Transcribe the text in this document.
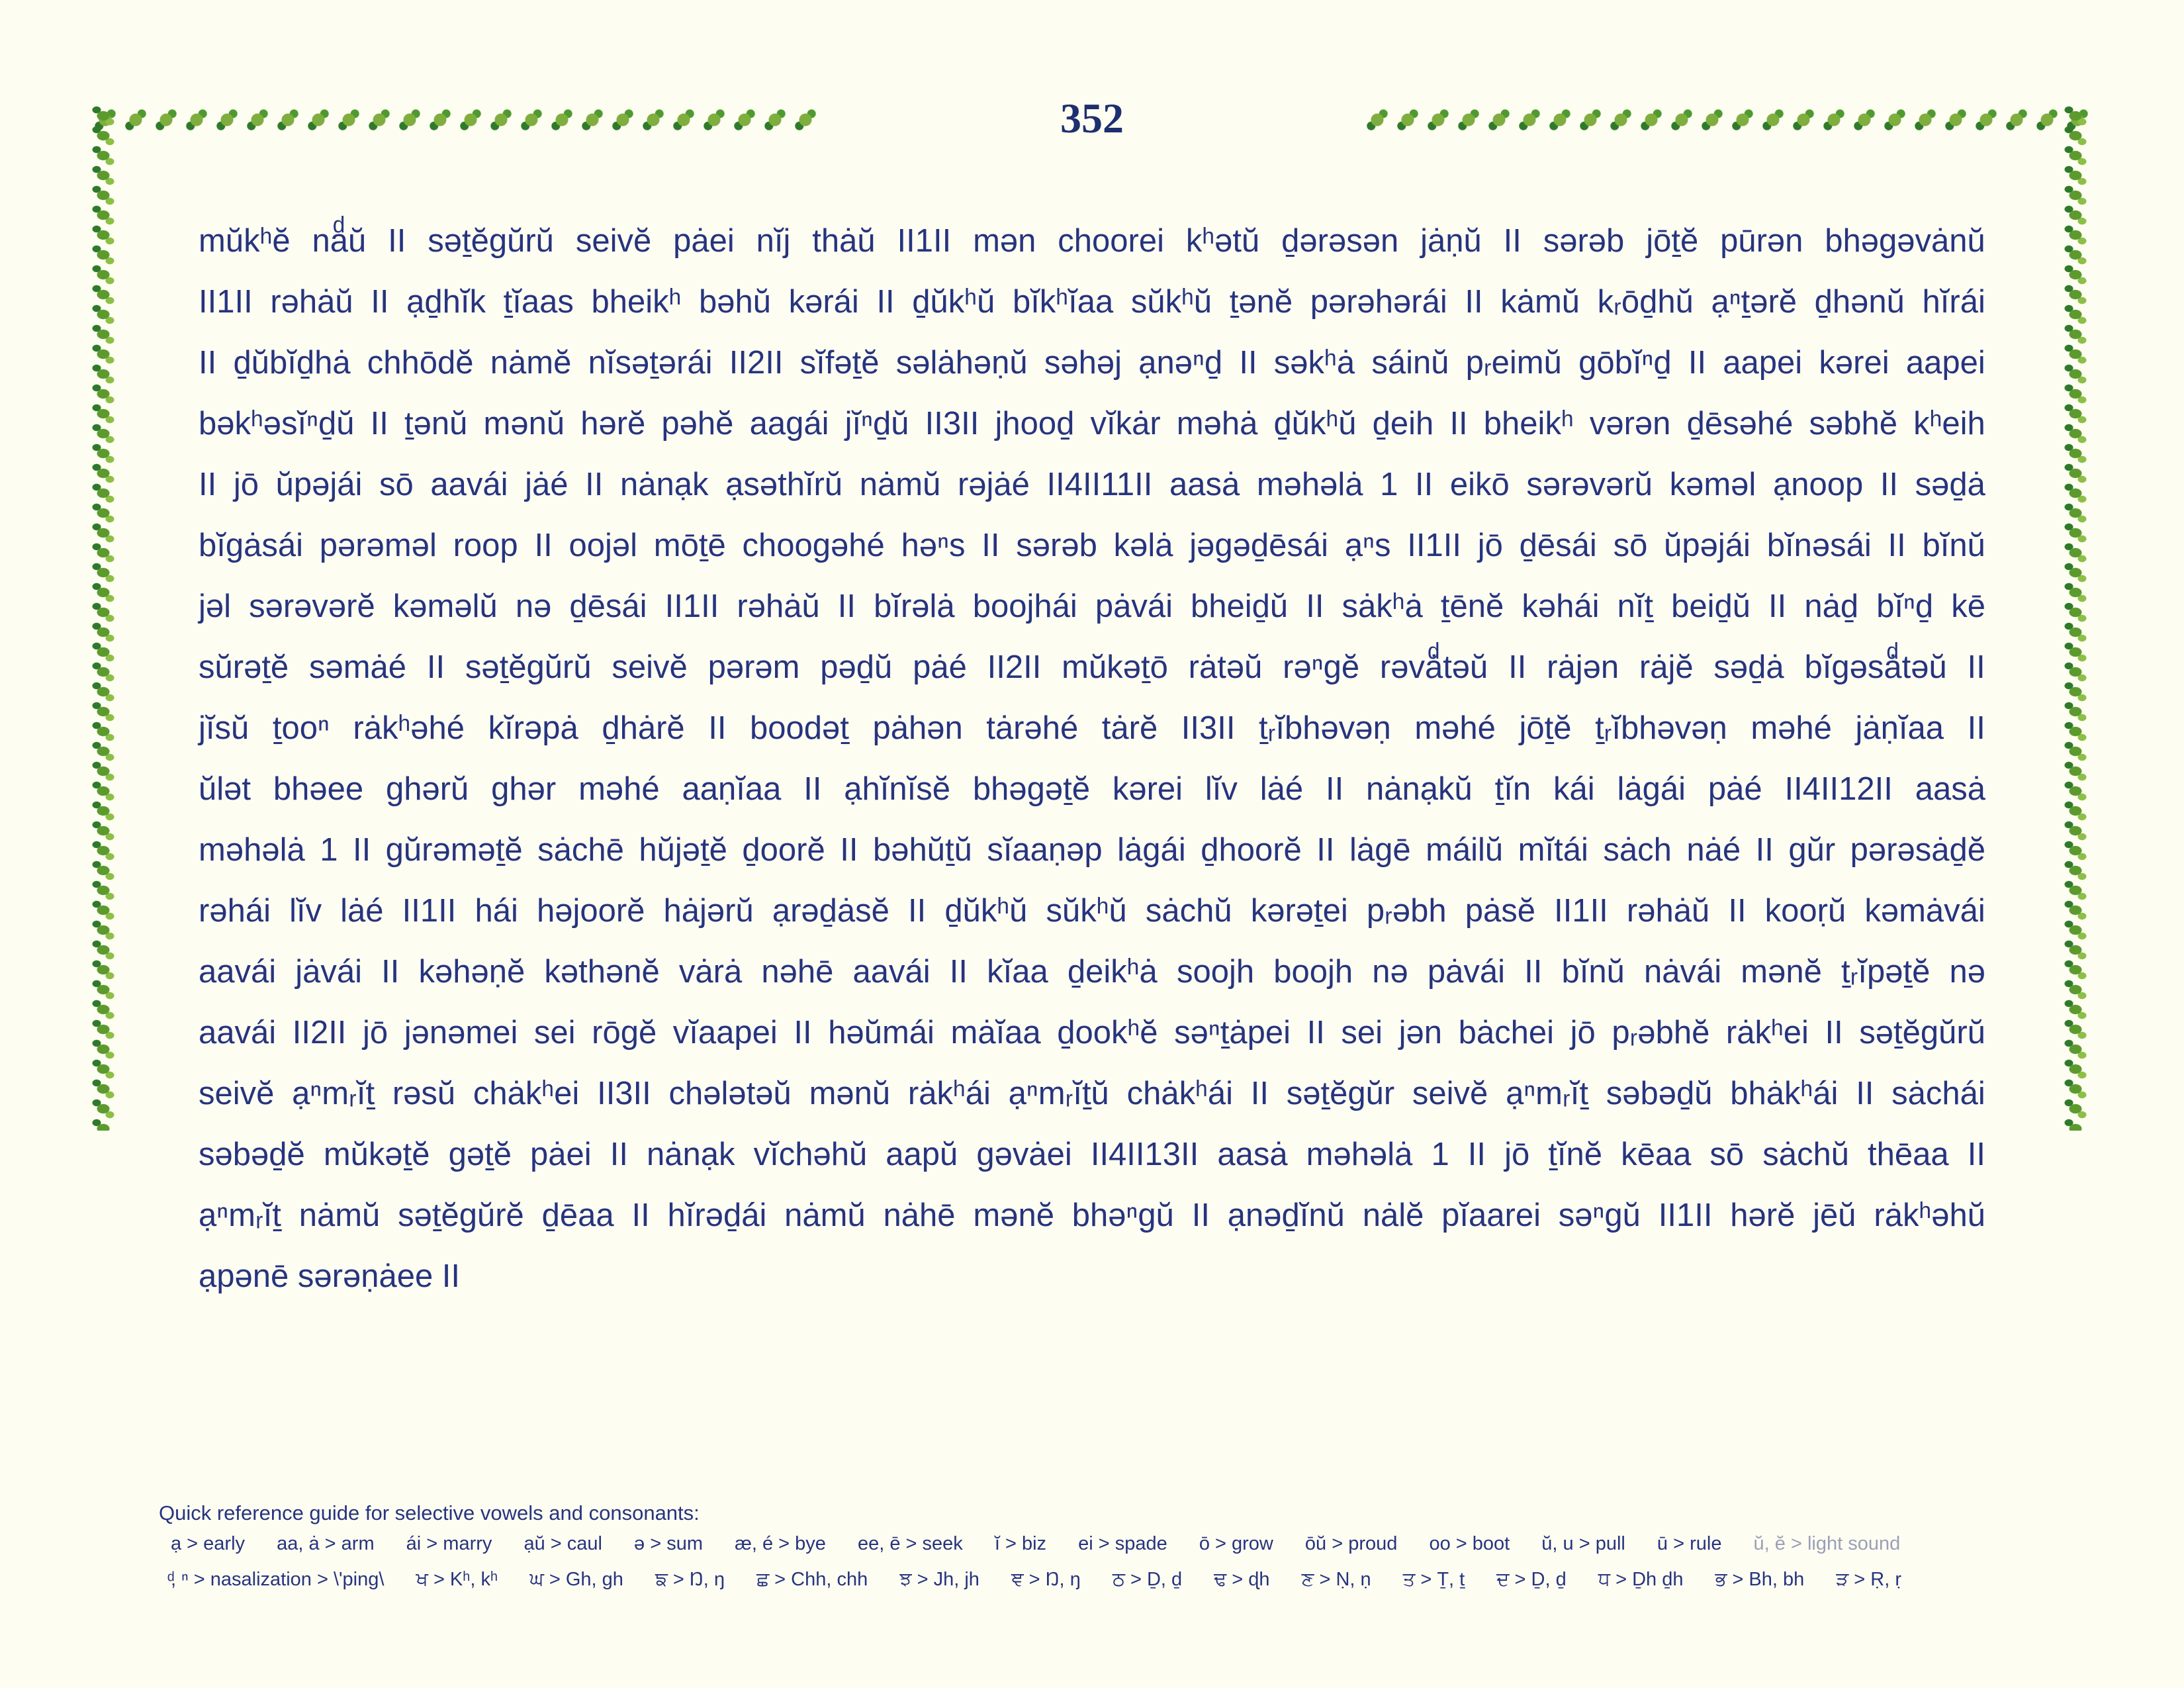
352
mŭkʰĕ naͩŭ II səṯĕgŭrŭ seivĕ pȧei nĭj thȧŭ II1II mən choorei kʰətŭ ḏərəsən jȧṇŭ II sərəb jōṯĕ pūrən bhəgəvȧnŭ
II1II rəhȧŭ II ạḏhĭk ṯĭaas bheikʰ bəhŭ kərái II ḏŭkʰŭ bĭkʰĭaa sŭkʰŭ ṯənĕ pərəhərái II kȧmŭ kᵣōḏhŭ ạⁿṯərĕ ḏhənŭ hĭrái
II ḏŭbĭḏhȧ chhōdĕ nȧmĕ nĭsəṯərái II2II sĭfəṯĕ səlȧhəṇŭ səhəj ạnəⁿḏ II səkʰȧ sáinŭ pᵣeimŭ gōbĭⁿḏ II aapei kərei aapei
bəkʰəsĭⁿḏŭ II ṯənŭ mənŭ hərĕ pəhĕ aagái jĭⁿḏŭ II3II jhooḏ vĭkȧr məhȧ ḏŭkʰŭ ḏeih II bheikʰ vərən ḏēsəhé səbhĕ kʰeih
II jō ŭpəjái sō aavái jȧé II nȧnạk ạsəthĭrŭ nȧmŭ rəjȧé II4II11II aasȧ məhəlȧ 1 II eikō sərəvərŭ kəməl ạnoop II səḏȧ
bĭgȧsái pərəməl roop II oojəl mōṯē choogəhé həⁿs II sərəb kəlȧ jəgəḏēsái ạⁿs II1II jō ḏēsái sō ŭpəjái bĭnəsái II bĭnŭ
jəl sərəvərĕ kəməlŭ nə ḏēsái II1II rəhȧŭ II bĭrəlȧ boojhái pȧvái bheiḏŭ II sȧkʰȧ ṯēnĕ kəhái nĭṯ beiḏŭ II nȧḏ bĭⁿḏ kē
sŭrəṯĕ səmȧé II səṯĕgŭrŭ seivĕ pərəm pəḏŭ pȧé II2II mŭkəṯō rȧtəŭ rəⁿgĕ rəvȧͩtəŭ II rȧjən rȧjĕ səḏȧ bĭgəsȧͩtəŭ II
jĭsŭ ṯooⁿ rȧkʰəhé kĭrəpȧ ḏhȧrĕ II boodəṯ pȧhən tȧrəhé tȧrĕ II3II ṯᵣĭbhəvəṇ məhé jōṯĕ ṯᵣĭbhəvəṇ məhé jȧṇĭaa II
ŭlət bhəee ghərŭ ghər məhé aaṇĭaa II ạhĭnĭsĕ bhəgəṯĕ kərei lĭv lȧé II nȧnạkŭ ṯĭn kái lȧgái pȧé II4II12II aasȧ
məhəlȧ 1 II gŭrəməṯĕ sȧchē hŭjəṯĕ ḏoorĕ II bəhŭṯŭ sĭaaṇəp lȧgái ḏhoorĕ II lȧgē máilŭ mĭtái sȧch nȧé II gŭr pərəsȧḏĕ
rəhái lĭv lȧé II1II hái həjoorĕ hȧjərŭ ạrəḏȧsĕ II ḏŭkʰŭ sŭkʰŭ sȧchŭ kərəṯei pᵣəbh pȧsĕ II1II rəhȧŭ II kooṛŭ kəmȧvái
aavái jȧvái II kəhəṇĕ kəthənĕ vȧrȧ nəhē aavái II kĭaa ḏeikʰȧ soojh boojh nə pȧvái II bĭnŭ nȧvái mənĕ ṯᵣĭpəṯĕ nə
aavái II2II jō jənəmei sei rōgĕ vĭaapei II həŭmái mȧĭaa ḏookʰĕ səⁿṯȧpei II sei jən bȧchei jō pᵣəbhĕ rȧkʰei II səṯĕgŭrŭ
seivĕ ạⁿmᵣĭṯ rəsŭ chȧkʰei II3II chələtəŭ mənŭ rȧkʰái ạⁿmᵣĭṯŭ chȧkʰái II səṯĕgŭr seivĕ ạⁿmᵣĭṯ səbəḏŭ bhȧkʰái II sȧchái
səbəḏĕ mŭkəṯĕ gəṯĕ pȧei II nȧnạk vĭchəhŭ aapŭ gəvȧei II4II13II aasȧ məhəlȧ 1 II jō ṯĭnĕ kēaa sō sȧchŭ thēaa II
ạⁿmᵣĭṯ nȧmŭ səṯĕgŭrĕ ḏēaa II hĭrəḏái nȧmŭ nȧhē mənĕ bhəⁿgŭ II ạnəḏĭnŭ nȧlĕ pĭaarei səⁿgŭ II1II hərĕ jēŭ rȧkʰəhŭ
ạpənē sərəṇȧee II
Quick reference guide for selective vowels and consonants:
ạ > early aa, ȧ > arm ái > marry ạŭ > caul ə > sum æ, é > bye ee, ē > seek ĭ > biz ei > spade ō > grow ōŭ > proud oo > boot ŭ, u > pull ū > rule ŭ, ĕ > light sound
ͩ, ⁿ > nasalization > \'ping\ ਖ > Kʰ, kʰ ਘ > Gh, gh ਙ > Ŋ, ŋ ਛ > Chh, chh ਝ > Jh, jh ਞ > Ŋ, ŋ ਠ > Ḏ, ḏ ਢ > ɖh ਣ > Ṇ, ṇ ਤ > Ṯ, ṯ ਦ > Ḏ, ḏ ਧ > Ḏh ḏh ਭ > Bh, bh ੜ > Ṛ, ṛ
